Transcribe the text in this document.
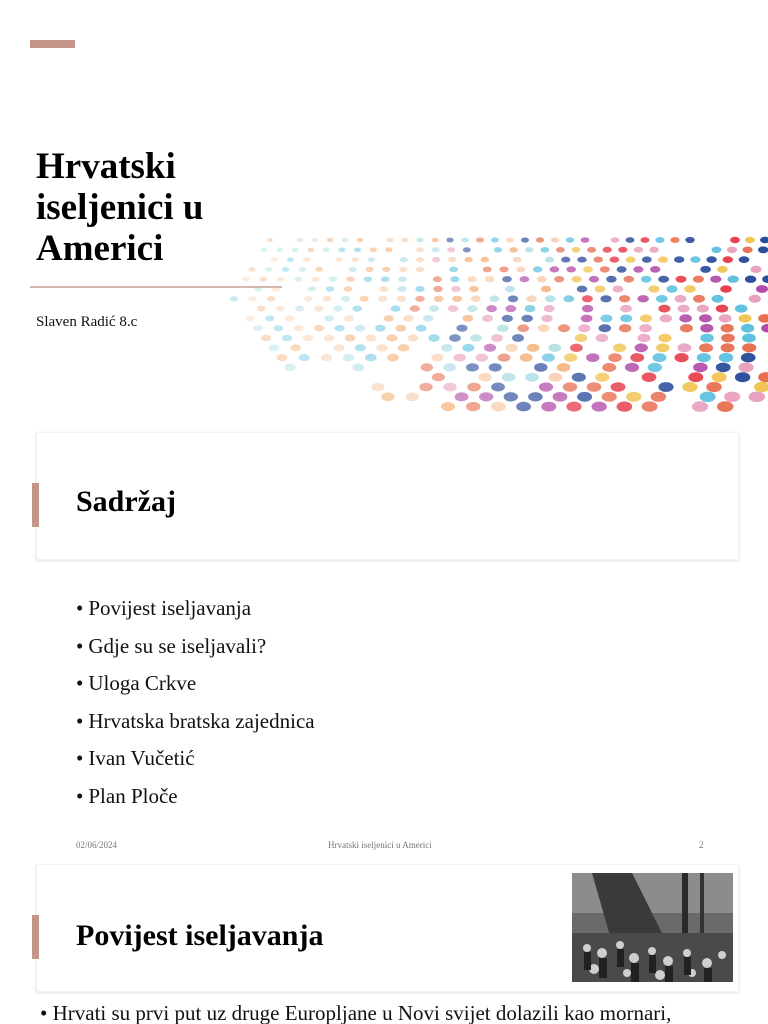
Hrvatski iseljenici u Americi
Slaven Radić 8.c
Sadržaj
• Povijest iseljavanja
• Gdje su se iseljavali?
• Uloga Crkve
• Hrvatska bratska zajednica
• Ivan Vučetić
• Plan Ploče
02/06/2024	Hrvatski iseljenici u Americi	2
Povijest iseljavanja
• Hrvati su prvi put uz druge Europljane u Novi svijet dolazili kao mornari,
